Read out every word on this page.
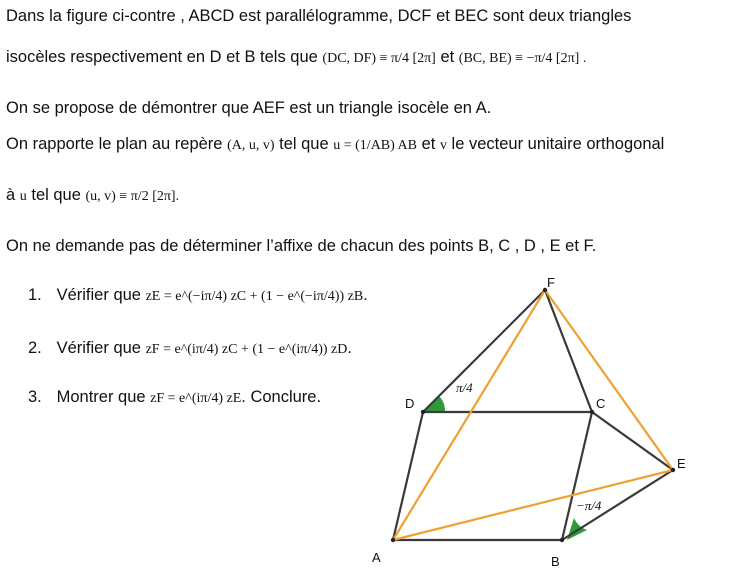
Dans la figure ci-contre , ABCD est parallélogramme, DCF et BEC sont deux triangles
isocèles respectivement en D et B tels que (DC, DF) ≡ π/4 [2π] et (BC, BE) ≡ −π/4 [2π] .
On se propose de démontrer que AEF est un triangle isocèle en A.
On rapporte le plan au repère (A, u, v) tel que u = (1/AB) AB et v le vecteur unitaire orthogonal
à u tel que (u, v) ≡ π/2 [2π].
On ne demande pas de déterminer l’affixe de chacun des points B, C , D , E et F.
1. Vérifier que zE = e^(−iπ/4) zC + (1 − e^(−iπ/4)) zB.
2. Vérifier que zF = e^(iπ/4) zC + (1 − e^(iπ/4)) zD.
3. Montrer que zF = e^(iπ/4) zE. Conclure.
A	B
C
D
E
F
π/4
−π/4
